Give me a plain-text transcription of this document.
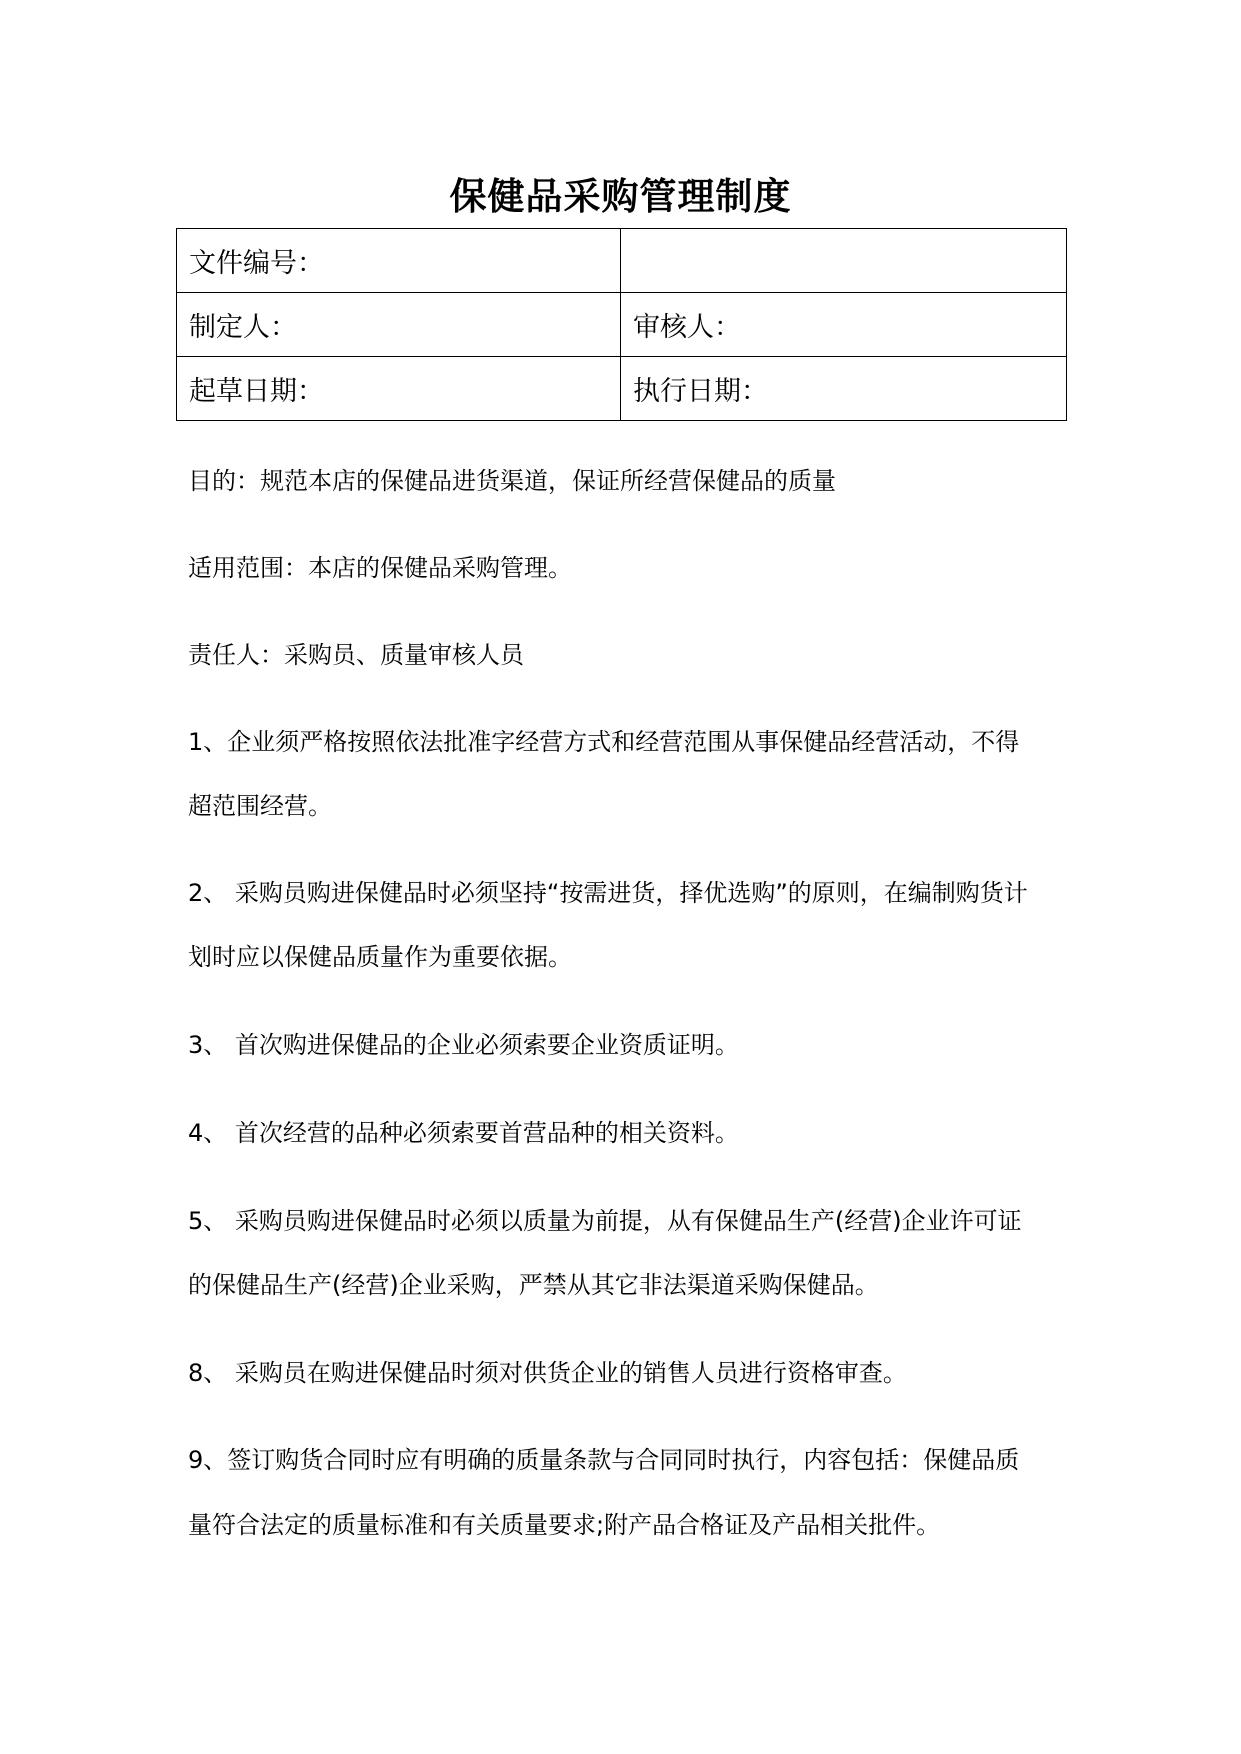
保健品采购管理制度
文件编号：	
制定人：	审核人：
起草日期：	执行日期：
目的：规范本店的保健品进货渠道，保证所经营保健品的质量
适用范围：本店的保健品采购管理。
责任人：采购员、质量审核人员
1、企业须严格按照依法批准字经营方式和经营范围从事保健品经营活动，不得
超范围经营。
2、 采购员购进保健品时必须坚持“按需进货，择优选购”的原则，在编制购货计
划时应以保健品质量作为重要依据。
3、 首次购进保健品的企业必须索要企业资质证明。
4、 首次经营的品种必须索要首营品种的相关资料。
5、 采购员购进保健品时必须以质量为前提，从有保健品生产(经营)企业许可证
的保健品生产(经营)企业采购，严禁从其它非法渠道采购保健品。
8、 采购员在购进保健品时须对供货企业的销售人员进行资格审查。
9、签订购货合同时应有明确的质量条款与合同同时执行，内容包括：保健品质
量符合法定的质量标准和有关质量要求;附产品合格证及产品相关批件。
